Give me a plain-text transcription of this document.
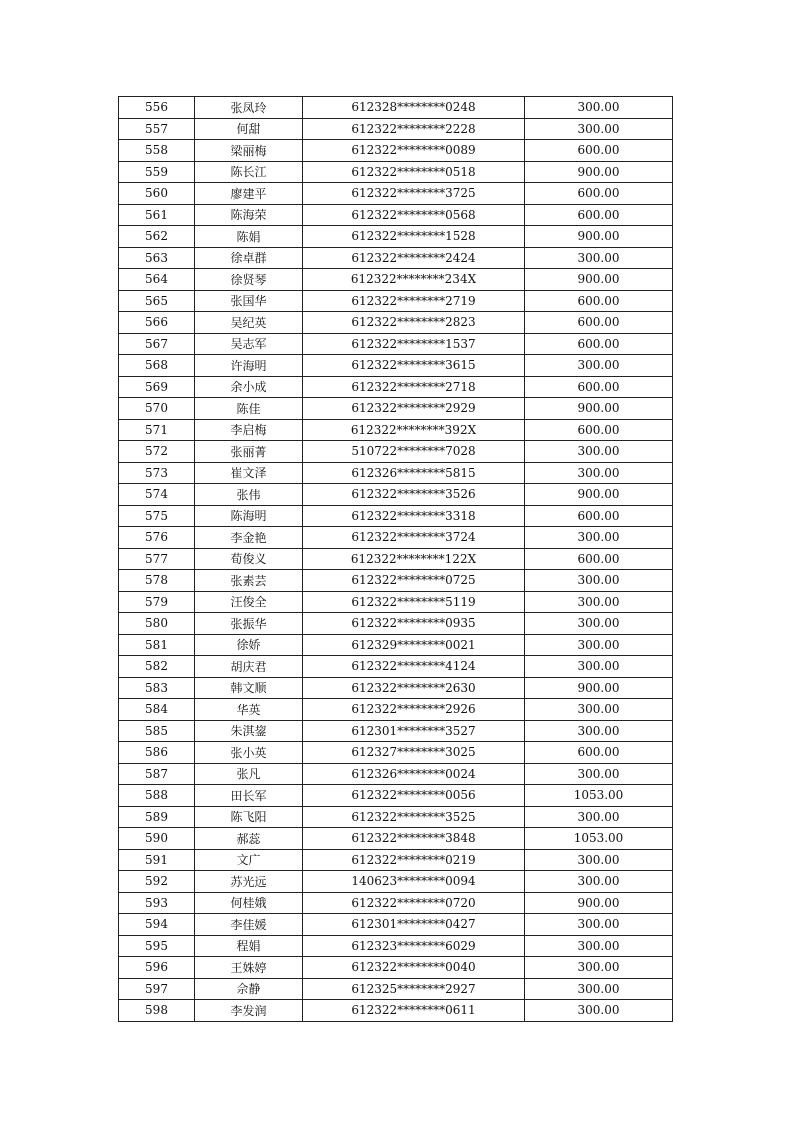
556	张凤玲	612328********0248	300.00
557	何甜	612322********2228	300.00
558	梁丽梅	612322********0089	600.00
559	陈长江	612322********0518	900.00
560	廖建平	612322********3725	600.00
561	陈海荣	612322********0568	600.00
562	陈娟	612322********1528	900.00
563	徐卓群	612322********2424	300.00
564	徐贤琴	612322********234X	900.00
565	张国华	612322********2719	600.00
566	吴纪英	612322********2823	600.00
567	吴志军	612322********1537	600.00
568	许海明	612322********3615	300.00
569	余小成	612322********2718	600.00
570	陈佳	612322********2929	900.00
571	李启梅	612322********392X	600.00
572	张丽菁	510722********7028	300.00
573	崔文泽	612326********5815	300.00
574	张伟	612322********3526	900.00
575	陈海明	612322********3318	600.00
576	李金艳	612322********3724	300.00
577	荀俊义	612322********122X	600.00
578	张素芸	612322********0725	300.00
579	汪俊全	612322********5119	300.00
580	张振华	612322********0935	300.00
581	徐娇	612329********0021	300.00
582	胡庆君	612322********4124	300.00
583	韩文顺	612322********2630	900.00
584	华英	612322********2926	300.00
585	朱淇鋆	612301********3527	300.00
586	张小英	612327********3025	600.00
587	张凡	612326********0024	300.00
588	田长军	612322********0056	1053.00
589	陈飞阳	612322********3525	300.00
590	郝蕊	612322********3848	1053.00
591	文广	612322********0219	300.00
592	苏光远	140623********0094	300.00
593	何桂娥	612322********0720	900.00
594	李佳媛	612301********0427	300.00
595	程娟	612323********6029	300.00
596	王姝婷	612322********0040	300.00
597	佘静	612325********2927	300.00
598	李发润	612322********0611	300.00
